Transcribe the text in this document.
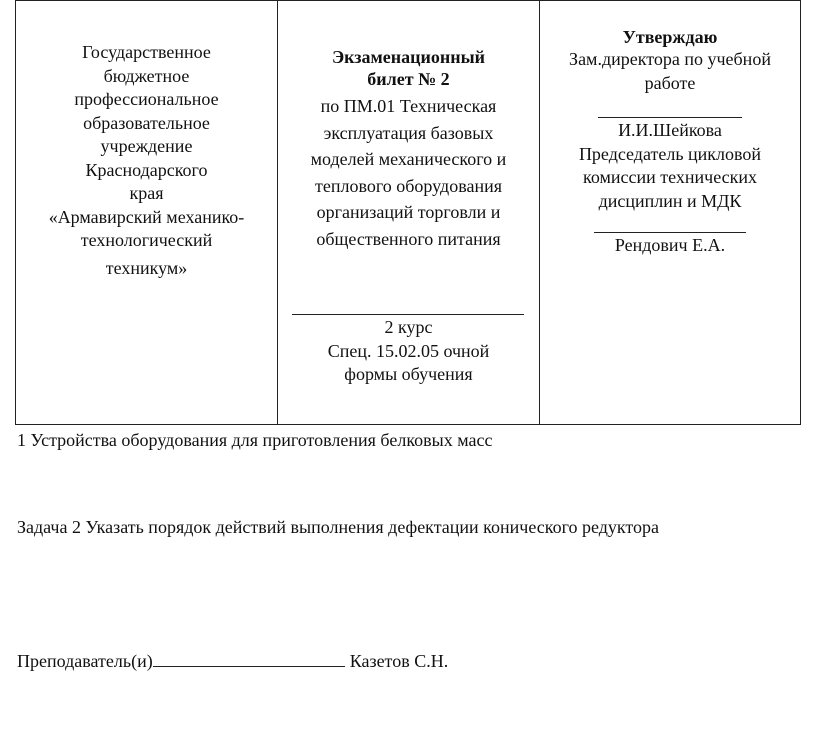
Государственное
бюджетное
профессиональное
образовательное
учреждение
Краснодарского
края
«Армавирский механико-
технологический
техникум»
Экзаменационный
билет № 2
по ПМ.01 Техническая
эксплуатация базовых
моделей механического и
теплового оборудования
организаций торговли и
общественного питания
2 курс
Спец. 15.02.05 очной
формы обучения
Утверждаю
Зам.директора по учебной
работе
И.И.Шейкова
Председатель цикловой
комиссии технических
дисциплин и МДК
Рендович Е.А.
1 Устройства оборудования для приготовления белковых масс
Задача 2 Указать порядок действий выполнения дефектации конического редуктора
Преподаватель(и)	Казетов С.Н.
